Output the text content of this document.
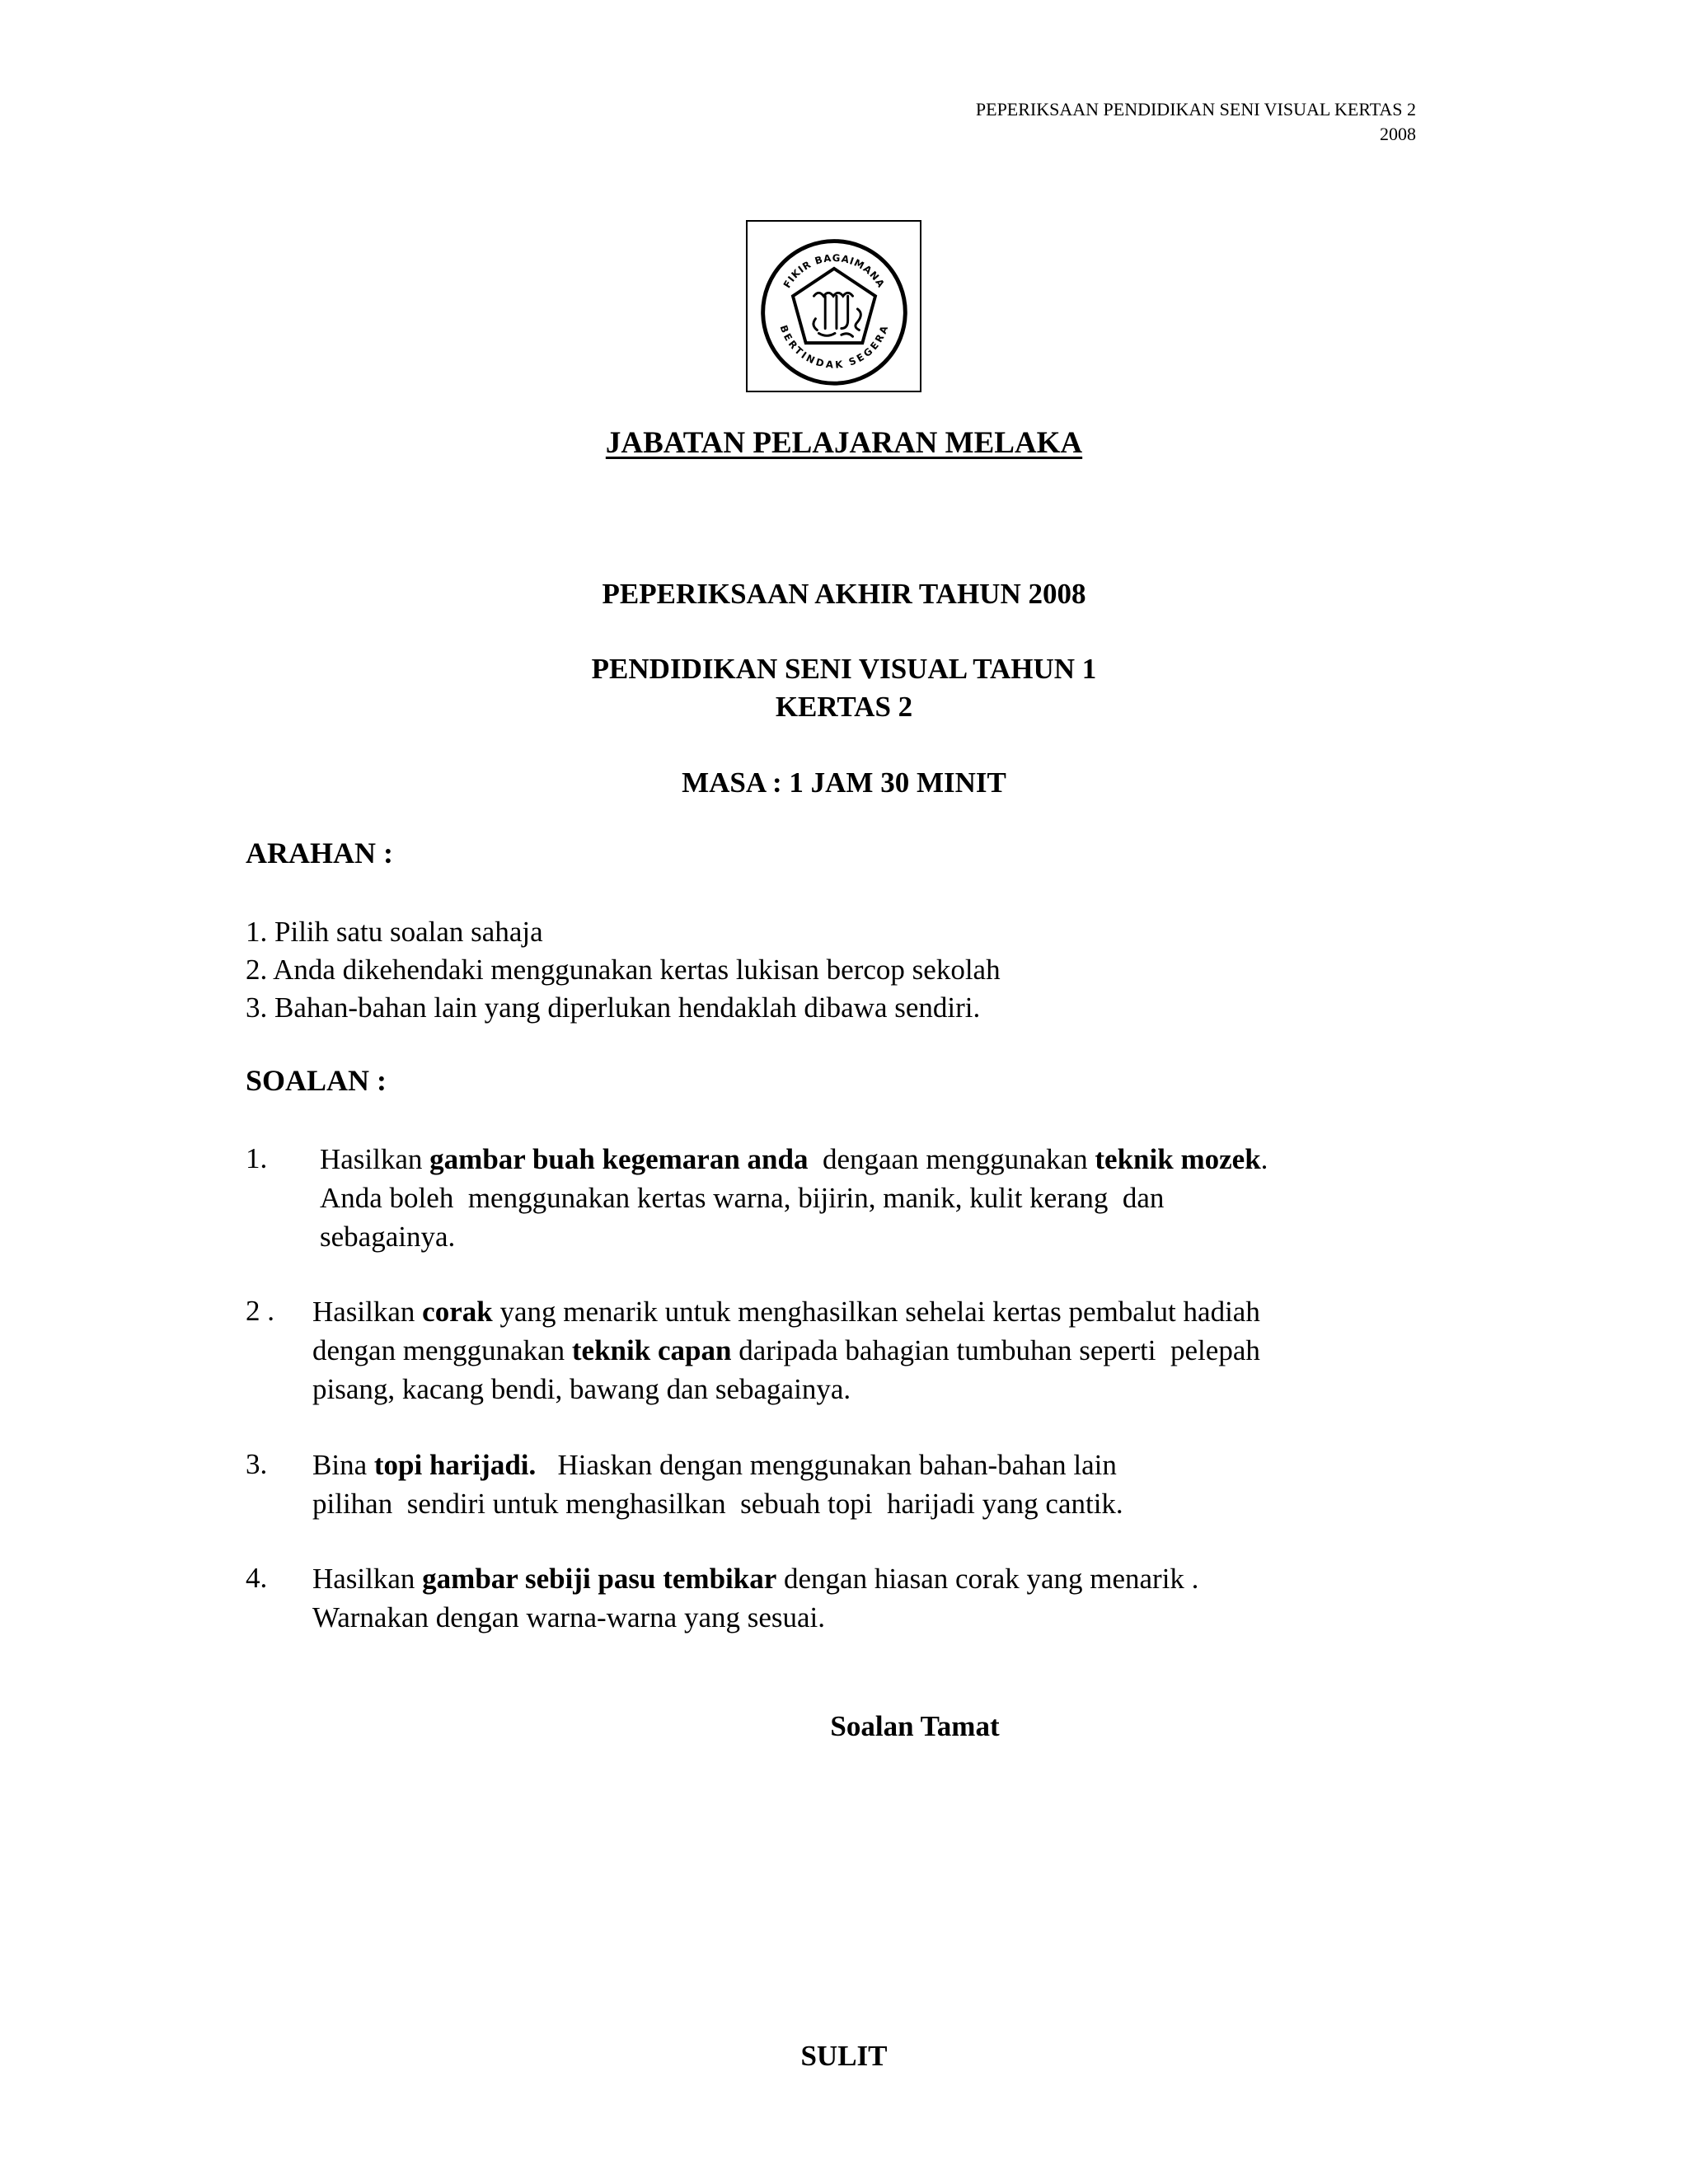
PEPERIKSAAN PENDIDIKAN SENI VISUAL KERTAS 2
2008
FIKIR BAGAIMANA
BERTINDAK SEGERA
JABATAN PELAJARAN MELAKA
PEPERIKSAAN AKHIR TAHUN 2008
PENDIDIKAN SENI VISUAL TAHUN 1
KERTAS 2
MASA : 1 JAM 30 MINIT
ARAHAN :
1. Pilih satu soalan sahaja
2. Anda dikehendaki menggunakan kertas lukisan bercop sekolah
3. Bahan-bahan lain yang diperlukan hendaklah dibawa sendiri.
SOALAN :
1. Hasilkan gambar buah kegemaran anda  dengaan menggunakan teknik mozek.
Anda boleh  menggunakan kertas warna, bijirin, manik, kulit kerang  dan
sebagainya.
2 . Hasilkan corak yang menarik untuk menghasilkan sehelai kertas pembalut hadiah
dengan menggunakan teknik capan daripada bahagian tumbuhan seperti  pelepah
pisang, kacang bendi, bawang dan sebagainya.
3. Bina topi harijadi.   Hiaskan dengan menggunakan bahan-bahan lain
pilihan  sendiri untuk menghasilkan  sebuah topi  harijadi yang cantik.
4. Hasilkan gambar sebiji pasu tembikar dengan hiasan corak yang menarik .
Warnakan dengan warna-warna yang sesuai.
Soalan Tamat
SULIT
